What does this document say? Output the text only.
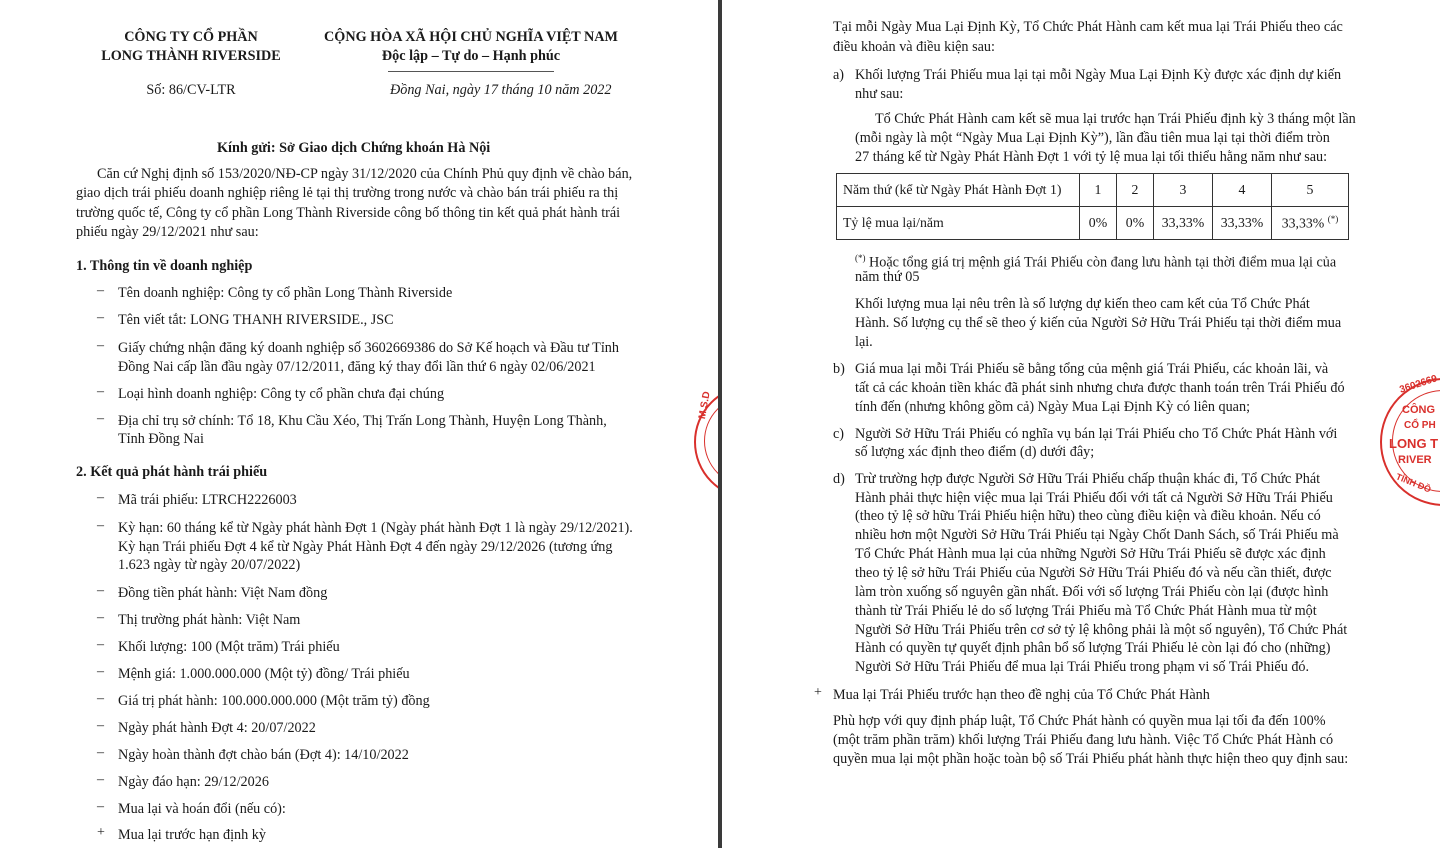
CÔNG TY CỔ PHẦN
LONG THÀNH RIVERSIDE
Số: 86/CV-LTR
CỘNG HÒA XÃ HỘI CHỦ NGHĨA VIỆT NAM
Độc lập – Tự do – Hạnh phúc
Đồng Nai, ngày 17 tháng 10 năm 2022
Kính gửi: Sở Giao dịch Chứng khoán Hà Nội
Căn cứ Nghị định số 153/2020/NĐ-CP ngày 31/12/2020 của Chính Phủ quy định về chào bán,
giao dịch trái phiếu doanh nghiệp riêng lẻ tại thị trường trong nước và chào bán trái phiếu ra thị
trường quốc tế, Công ty cổ phần Long Thành Riverside công bố thông tin kết quả phát hành trái
phiếu ngày 29/12/2021 như sau:
1. Thông tin về doanh nghiệp
– Tên doanh nghiệp: Công ty cổ phần Long Thành Riverside
– Tên viết tắt: LONG THANH RIVERSIDE., JSC
– Giấy chứng nhận đăng ký doanh nghiệp số 3602669386 do Sở Kế hoạch và Đầu tư Tỉnh
Đồng Nai cấp lần đầu ngày 07/12/2011, đăng ký thay đổi lần thứ 6 ngày 02/06/2021
– Loại hình doanh nghiệp: Công ty cổ phần chưa đại chúng
– Địa chỉ trụ sở chính: Tổ 18, Khu Cầu Xéo, Thị Trấn Long Thành, Huyện Long Thành,
Tỉnh Đồng Nai
2. Kết quả phát hành trái phiếu
– Mã trái phiếu: LTRCH2226003
– Kỳ hạn: 60 tháng kể từ Ngày phát hành Đợt 1 (Ngày phát hành Đợt 1 là ngày 29/12/2021).
Kỳ hạn Trái phiếu Đợt 4 kể từ Ngày Phát Hành Đợt 4 đến ngày 29/12/2026 (tương ứng
1.623 ngày từ ngày 20/07/2022)
– Đồng tiền phát hành: Việt Nam đồng
– Thị trường phát hành: Việt Nam
– Khối lượng: 100 (Một trăm) Trái phiếu
– Mệnh giá: 1.000.000.000 (Một tỷ) đồng/ Trái phiếu
– Giá trị phát hành: 100.000.000.000 (Một trăm tỷ) đồng
– Ngày phát hành Đợt 4: 20/07/2022
– Ngày hoàn thành đợt chào bán (Đợt 4): 14/10/2022
– Ngày đáo hạn: 29/12/2026
– Mua lại và hoán đổi (nếu có):
+ Mua lại trước hạn định kỳ
M.S.D
Tại mỗi Ngày Mua Lại Định Kỳ, Tổ Chức Phát Hành cam kết mua lại Trái Phiếu theo các
điều khoản và điều kiện sau:
a) Khối lượng Trái Phiếu mua lại tại mỗi Ngày Mua Lại Định Kỳ được xác định dự kiến
như sau:
Tổ Chức Phát Hành cam kết sẽ mua lại trước hạn Trái Phiếu định kỳ 3 tháng một lần
(mỗi ngày là một “Ngày Mua Lại Định Kỳ”), lần đầu tiên mua lại tại thời điểm tròn
27 tháng kể từ Ngày Phát Hành Đợt 1 với tỷ lệ mua lại tối thiểu hằng năm như sau:
Năm thứ (kể từ Ngày Phát Hành Đợt 1)	1	2	3	4	5
Tỷ lệ mua lại/năm	0%	0%	33,33%	33,33%	33,33% (*)
(*) Hoặc tổng giá trị mệnh giá Trái Phiếu còn đang lưu hành tại thời điểm mua lại của
năm thứ 05
Khối lượng mua lại nêu trên là số lượng dự kiến theo cam kết của Tổ Chức Phát
Hành. Số lượng cụ thể sẽ theo ý kiến của Người Sở Hữu Trái Phiếu tại thời điểm mua
lại.
b) Giá mua lại mỗi Trái Phiếu sẽ bằng tổng của mệnh giá Trái Phiếu, các khoản lãi, và
tất cả các khoản tiền khác đã phát sinh nhưng chưa được thanh toán trên Trái Phiếu đó
tính đến (nhưng không gồm cả) Ngày Mua Lại Định Kỳ có liên quan;
c) Người Sở Hữu Trái Phiếu có nghĩa vụ bán lại Trái Phiếu cho Tổ Chức Phát Hành với
số lượng xác định theo điểm (d) dưới đây;
d) Trừ trường hợp được Người Sở Hữu Trái Phiếu chấp thuận khác đi, Tổ Chức Phát
Hành phải thực hiện việc mua lại Trái Phiếu đối với tất cả Người Sở Hữu Trái Phiếu
(theo tỷ lệ sở hữu Trái Phiếu hiện hữu) theo cùng điều kiện và điều khoản. Nếu có
nhiều hơn một Người Sở Hữu Trái Phiếu tại Ngày Chốt Danh Sách, số Trái Phiếu mà
Tổ Chức Phát Hành mua lại của những Người Sở Hữu Trái Phiếu sẽ được xác định
theo tỷ lệ sở hữu Trái Phiếu của Người Sở Hữu Trái Phiếu đó và nếu cần thiết, được
làm tròn xuống số nguyên gần nhất. Đối với số lượng Trái Phiếu còn lại (được hình
thành từ Trái Phiếu lẻ do số lượng Trái Phiếu mà Tổ Chức Phát Hành mua từ một
Người Sở Hữu Trái Phiếu trên cơ sở tỷ lệ không phải là một số nguyên), Tổ Chức Phát
Hành có quyền tự quyết định phân bổ số lượng Trái Phiếu lẻ còn lại đó cho (những)
Người Sở Hữu Trái Phiếu để mua lại Trái Phiếu trong phạm vi số Trái Phiếu đó.
+ Mua lại Trái Phiếu trước hạn theo đề nghị của Tổ Chức Phát Hành
Phù hợp với quy định pháp luật, Tổ Chức Phát hành có quyền mua lại tối đa đến 100%
(một trăm phần trăm) khối lượng Trái Phiếu đang lưu hành. Việc Tổ Chức Phát Hành có
quyền mua lại một phần hoặc toàn bộ số Trái Phiếu phát hành thực hiện theo quy định sau:
3602669
CÔNG
CỔ PH
LONG T
RIVER
TỈNH ĐỒ
